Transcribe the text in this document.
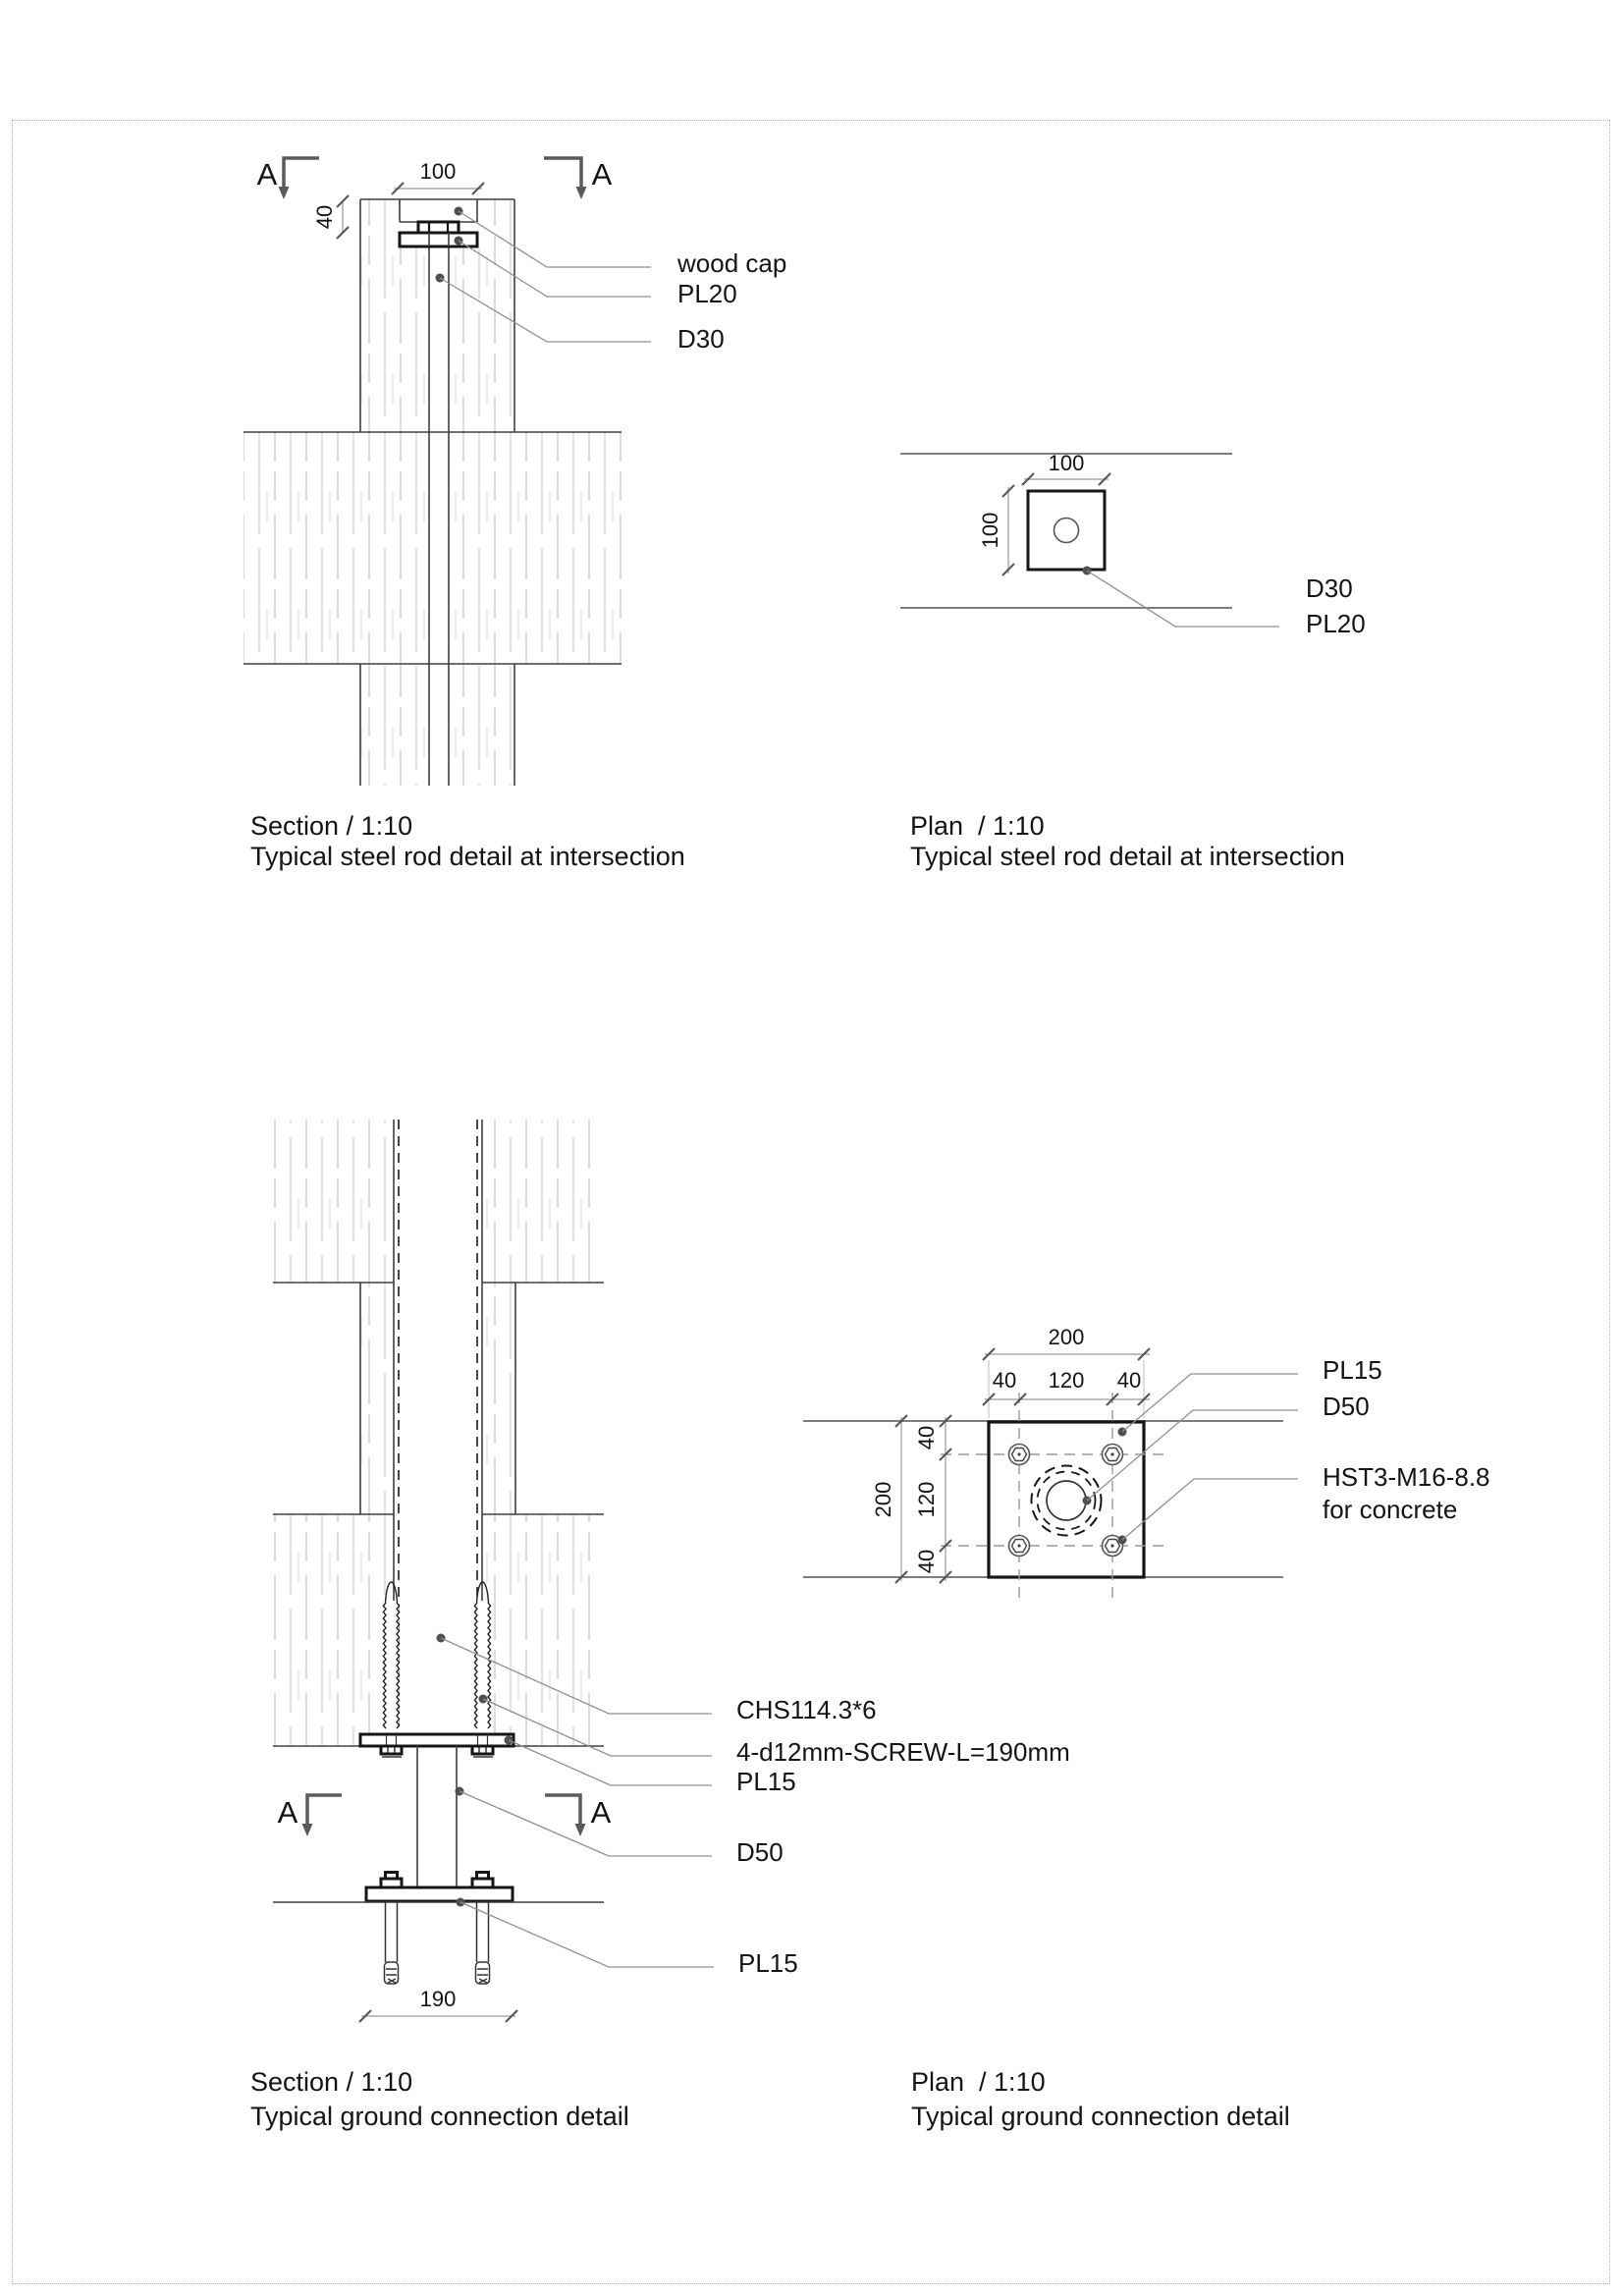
100
40
A	A
wood cap
PL20
D30
Section / 1:10
Typical steel rod detail at intersection
100
100
D30
PL20
Plan  / 1:10
Typical steel rod detail at intersection
A	A
190
CHS114.3*6
4-d12mm-SCREW-L=190mm
PL15
D50
PL15
Section / 1:10
Typical ground connection detail
200
40 120 40
200
40
120
40
PL15
D50
HST3-M16-8.8
for concrete
Plan  / 1:10
Typical ground connection detail
